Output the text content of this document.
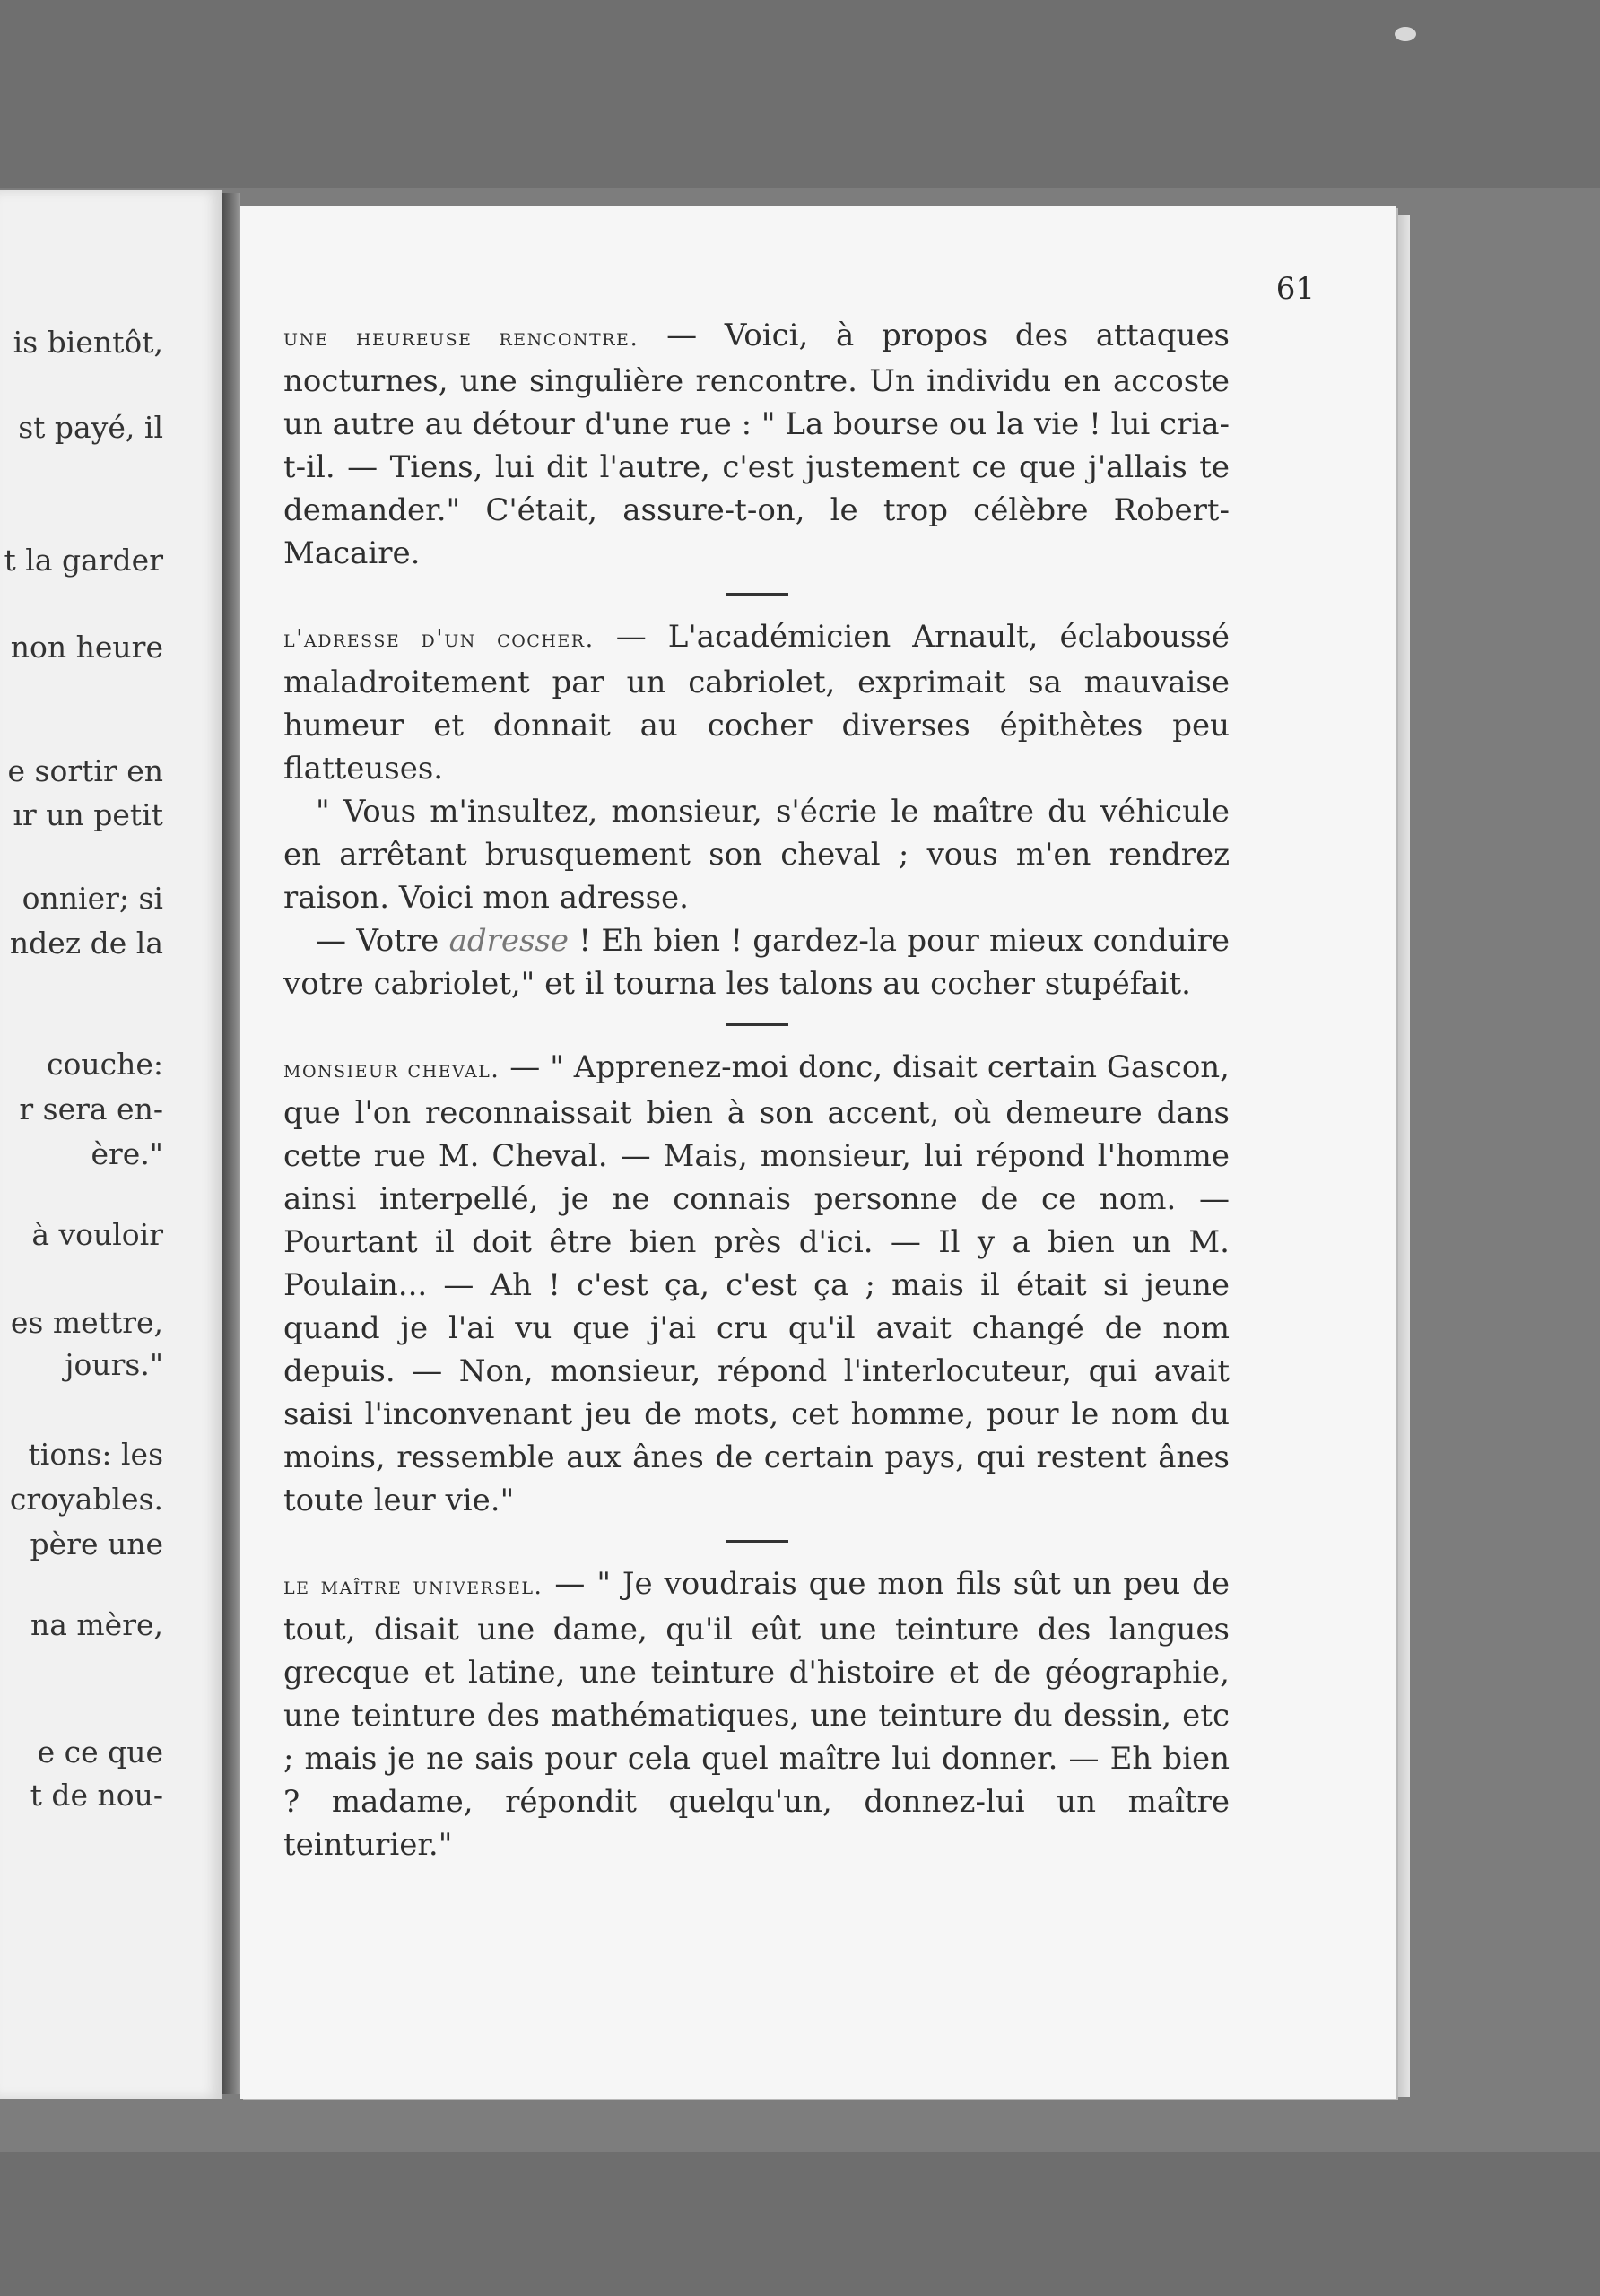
is bientôt,
st payé, il
t la garder
non heure
e sortir en
ır un petit
onnier; si
ndez de la
couche:
r sera en-
ère."
à vouloir
es mettre,
jours."
tions: les
croyables.
père une
na mère,
e ce que
t de nou-
61

une heureuse rencontre. — Voici, à propos des attaques nocturnes, une singulière rencontre. Un individu en accoste un autre au détour d'une rue : " La bourse ou la vie ! lui cria-t-il. — Tiens, lui dit l'autre, c'est justement ce que j'allais te demander." C'était, assure-t-on, le trop célèbre Robert-Macaire.

l'adresse d'un cocher. — L'académicien Arnault, éclaboussé maladroitement par un cabriolet, exprimait sa mauvaise humeur et donnait au cocher diverses épithètes peu flatteuses.

" Vous m'insultez, monsieur, s'écrie le maître du véhicule en arrêtant brusquement son cheval ; vous m'en rendrez raison. Voici mon adresse.

— Votre adresse ! Eh bien ! gardez-la pour mieux conduire votre cabriolet," et il tourna les talons au cocher stupéfait.

monsieur cheval. — " Apprenez-moi donc, disait certain Gascon, que l'on reconnaissait bien à son accent, où demeure dans cette rue M. Cheval. — Mais, monsieur, lui répond l'homme ainsi interpellé, je ne connais personne de ce nom. — Pourtant il doit être bien près d'ici. — Il y a bien un M. Poulain... — Ah ! c'est ça, c'est ça ; mais il était si jeune quand je l'ai vu que j'ai cru qu'il avait changé de nom depuis. — Non, monsieur, répond l'interlocuteur, qui avait saisi l'inconvenant jeu de mots, cet homme, pour le nom du moins, ressemble aux ânes de certain pays, qui restent ânes toute leur vie."

le maître universel. — " Je voudrais que mon fils sût un peu de tout, disait une dame, qu'il eût une teinture des langues grecque et latine, une teinture d'histoire et de géographie, une teinture des mathématiques, une teinture du dessin, etc ; mais je ne sais pour cela quel maître lui donner. — Eh bien ? madame, répondit quelqu'un, donnez-lui un maître teinturier."
